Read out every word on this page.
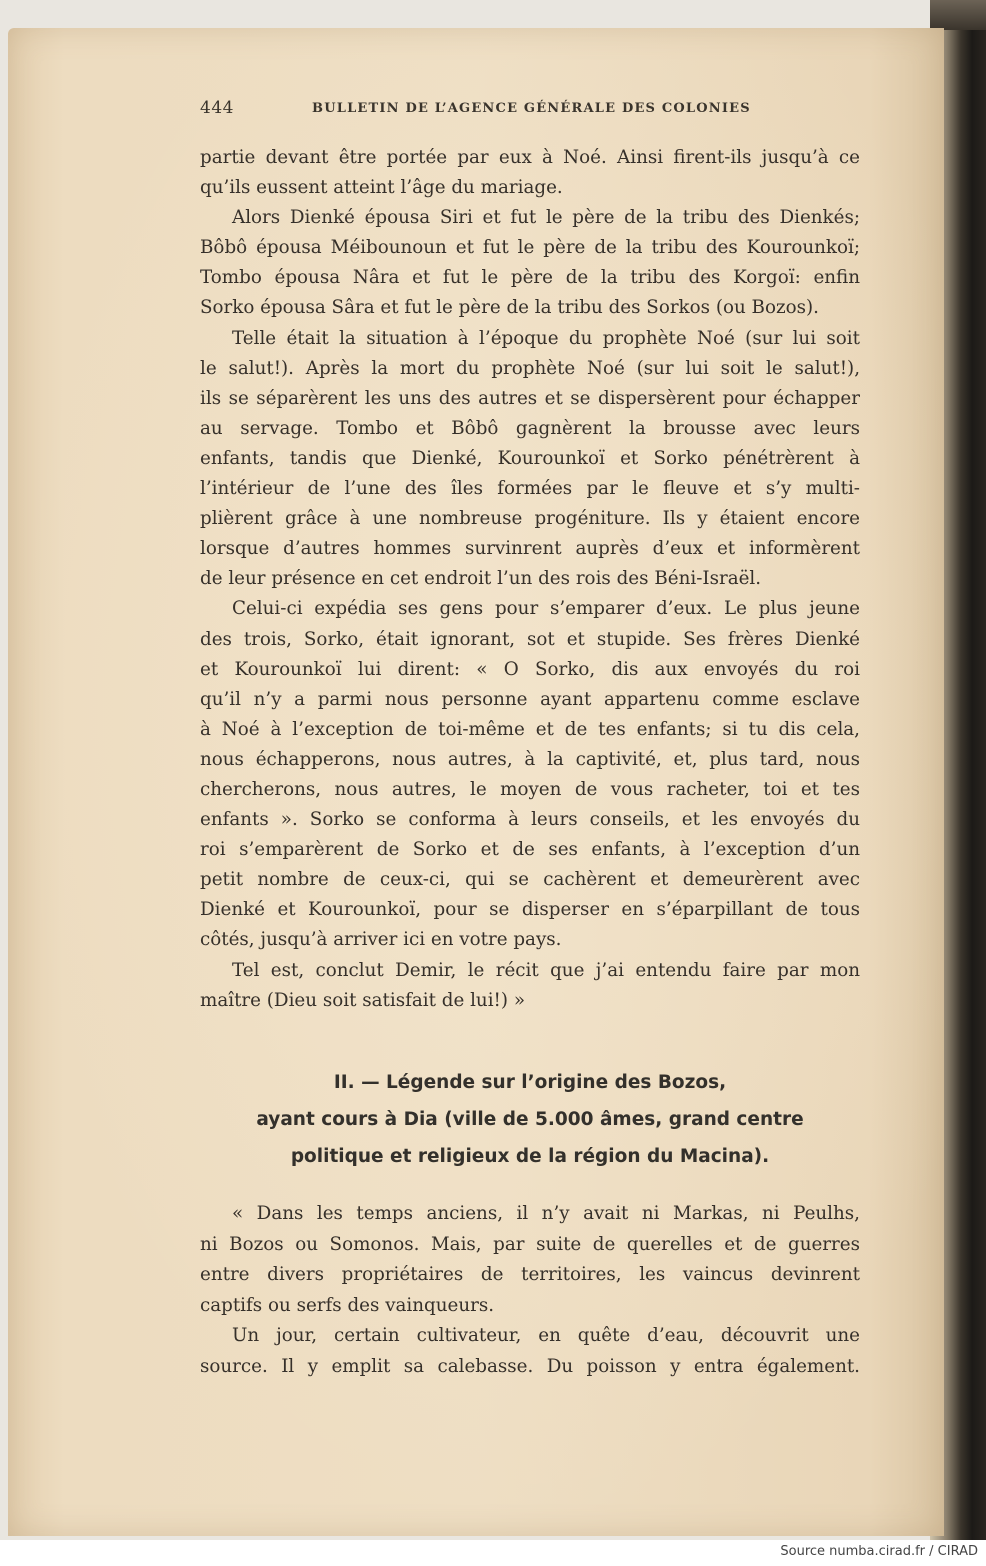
444	BULLETIN DE L’AGENCE GÉNÉRALE DES COLONIES

partie devant être portée par eux à Noé. Ainsi firent-ils jusqu’à ce

qu’ils eussent atteint l’âge du mariage.

Alors Dienké épousa Siri et fut le père de la tribu des Dienkés;

Bôbô épousa Méibounoun et fut le père de la tribu des Kourounkoï;

Tombo épousa Nâra et fut le père de la tribu des Korgoï: enfin

Sorko épousa Sâra et fut le père de la tribu des Sorkos (ou Bozos).

Telle était la situation à l’époque du prophète Noé (sur lui soit

le salut!). Après la mort du prophète Noé (sur lui soit le salut!),

ils se séparèrent les uns des autres et se dispersèrent pour échapper

au servage. Tombo et Bôbô gagnèrent la brousse avec leurs

enfants, tandis que Dienké, Kourounkoï et Sorko pénétrèrent à

l’intérieur de l’une des îles formées par le fleuve et s’y multi-

plièrent grâce à une nombreuse progéniture. Ils y étaient encore

lorsque d’autres hommes survinrent auprès d’eux et informèrent

de leur présence en cet endroit l’un des rois des Béni-Israël.

Celui-ci expédia ses gens pour s’emparer d’eux. Le plus jeune

des trois, Sorko, était ignorant, sot et stupide. Ses frères Dienké

et Kourounkoï lui dirent: « O Sorko, dis aux envoyés du roi

qu’il n’y a parmi nous personne ayant appartenu comme esclave

à Noé à l’exception de toi-même et de tes enfants; si tu dis cela,

nous échapperons, nous autres, à la captivité, et, plus tard, nous

chercherons, nous autres, le moyen de vous racheter, toi et tes

enfants ». Sorko se conforma à leurs conseils, et les envoyés du

roi s’emparèrent de Sorko et de ses enfants, à l’exception d’un

petit nombre de ceux-ci, qui se cachèrent et demeurèrent avec

Dienké et Kourounkoï, pour se disperser en s’éparpillant de tous

côtés, jusqu’à arriver ici en votre pays.

Tel est, conclut Demir, le récit que j’ai entendu faire par mon

maître (Dieu soit satisfait de lui!) »

II. — Légende sur l’origine des Bozos,
ayant cours à Dia (ville de 5.000 âmes, grand centre
politique et religieux de la région du Macina).

« Dans les temps anciens, il n’y avait ni Markas, ni Peulhs,

ni Bozos ou Somonos. Mais, par suite de querelles et de guerres

entre divers propriétaires de territoires, les vaincus devinrent

captifs ou serfs des vainqueurs.

Un jour, certain cultivateur, en quête d’eau, découvrit une

source. Il y emplit sa calebasse. Du poisson y entra également.

Source numba.cirad.fr / CIRAD
